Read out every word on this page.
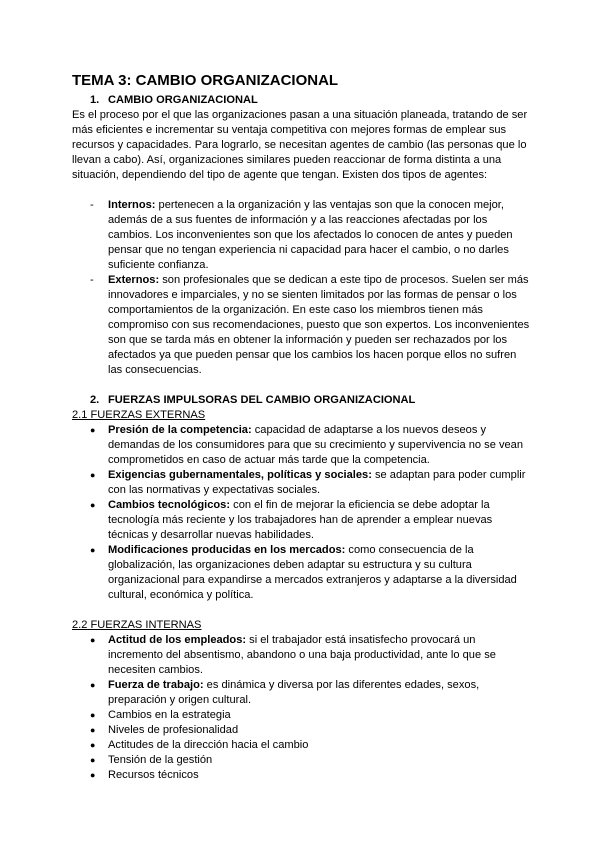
TEMA 3: CAMBIO ORGANIZACIONAL
1. CAMBIO ORGANIZACIONAL

Es el proceso por el que las organizaciones pasan a una situación planeada, tratando de ser más eficientes e incrementar su ventaja competitiva con mejores formas de emplear sus recursos y capacidades. Para lograrlo, se necesitan agentes de cambio (las personas que lo llevan a cabo). Así, organizaciones similares pueden reaccionar de forma distinta a una situación, dependiendo del tipo de agente que tengan. Existen dos tipos de agentes:

-	Internos: pertenecen a la organización y las ventajas son que la conocen mejor, además de a sus fuentes de información y a las reacciones afectadas por los cambios. Los inconvenientes son que los afectados lo conocen de antes y pueden pensar que no tengan experiencia ni capacidad para hacer el cambio, o no darles suficiente confianza.
-	Externos: son profesionales que se dedican a este tipo de procesos. Suelen ser más innovadores e imparciales, y no se sienten limitados por las formas de pensar o los comportamientos de la organización. En este caso los miembros tienen más compromiso con sus recomendaciones, puesto que son expertos. Los inconvenientes son que se tarda más en obtener la información y pueden ser rechazados por los afectados ya que pueden pensar que los cambios los hacen porque ellos no sufren las consecuencias.
2. FUERZAS IMPULSORAS DEL CAMBIO ORGANIZACIONAL
2.1 FUERZAS EXTERNAS
●	Presión de la competencia: capacidad de adaptarse a los nuevos deseos y demandas de los consumidores para que su crecimiento y supervivencia no se vean comprometidos en caso de actuar más tarde que la competencia.
●	Exigencias gubernamentales, políticas y sociales: se adaptan para poder cumplir con las normativas y expectativas sociales.
●	Cambios tecnológicos: con el fin de mejorar la eficiencia se debe adoptar la tecnología más reciente y los trabajadores han de aprender a emplear nuevas técnicas y desarrollar nuevas habilidades.
●	Modificaciones producidas en los mercados: como consecuencia de la globalización, las organizaciones deben adaptar su estructura y su cultura organizacional para expandirse a mercados extranjeros y adaptarse a la diversidad cultural, económica y política.
2.2 FUERZAS INTERNAS
●	Actitud de los empleados: si el trabajador está insatisfecho provocará un incremento del absentismo, abandono o una baja productividad, ante lo que se necesiten cambios.
●	Fuerza de trabajo: es dinámica y diversa por las diferentes edades, sexos, preparación y origen cultural.
●	Cambios en la estrategia
●	Niveles de profesionalidad
●	Actitudes de la dirección hacia el cambio
●	Tensión de la gestión
●	Recursos técnicos
